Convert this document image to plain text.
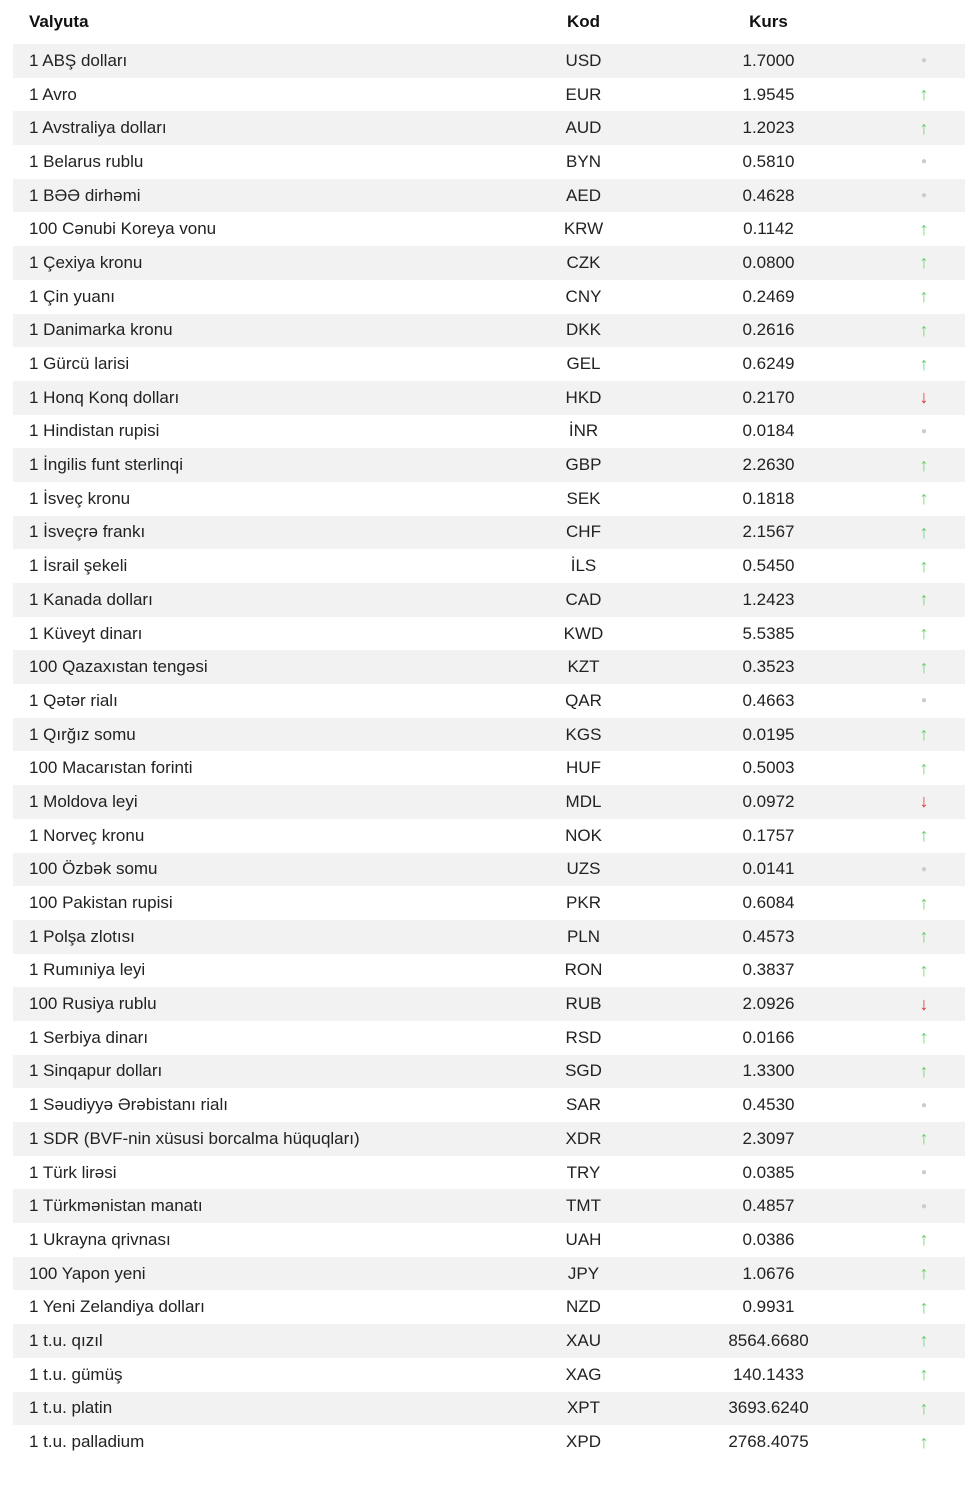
Valyuta	Kod	Kurs
1 ABŞ dolları	USD	1.7000	●
1 Avro	EUR	1.9545	↑
1 Avstraliya dolları	AUD	1.2023	↑
1 Belarus rublu	BYN	0.5810	●
1 BƏƏ dirhəmi	AED	0.4628	●
100 Cənubi Koreya vonu	KRW	0.1142	↑
1 Çexiya kronu	CZK	0.0800	↑
1 Çin yuanı	CNY	0.2469	↑
1 Danimarka kronu	DKK	0.2616	↑
1 Gürcü larisi	GEL	0.6249	↑
1 Honq Konq dolları	HKD	0.2170	↓
1 Hindistan rupisi	İNR	0.0184	●
1 İngilis funt sterlinqi	GBP	2.2630	↑
1 İsveç kronu	SEK	0.1818	↑
1 İsveçrə frankı	CHF	2.1567	↑
1 İsrail şekeli	İLS	0.5450	↑
1 Kanada dolları	CAD	1.2423	↑
1 Küveyt dinarı	KWD	5.5385	↑
100 Qazaxıstan tengəsi	KZT	0.3523	↑
1 Qətər rialı	QAR	0.4663	●
1 Qırğız somu	KGS	0.0195	↑
100 Macarıstan forinti	HUF	0.5003	↑
1 Moldova leyi	MDL	0.0972	↓
1 Norveç kronu	NOK	0.1757	↑
100 Özbək somu	UZS	0.0141	●
100 Pakistan rupisi	PKR	0.6084	↑
1 Polşa zlotısı	PLN	0.4573	↑
1 Rumıniya leyi	RON	0.3837	↑
100 Rusiya rublu	RUB	2.0926	↓
1 Serbiya dinarı	RSD	0.0166	↑
1 Sinqapur dolları	SGD	1.3300	↑
1 Səudiyyə Ərəbistanı rialı	SAR	0.4530	●
1 SDR (BVF-nin xüsusi borcalma hüquqları)	XDR	2.3097	↑
1 Türk lirəsi	TRY	0.0385	●
1 Türkmənistan manatı	TMT	0.4857	●
1 Ukrayna qrivnası	UAH	0.0386	↑
100 Yapon yeni	JPY	1.0676	↑
1 Yeni Zelandiya dolları	NZD	0.9931	↑
1 t.u. qızıl	XAU	8564.6680	↑
1 t.u. gümüş	XAG	140.1433	↑
1 t.u. platin	XPT	3693.6240	↑
1 t.u. palladium	XPD	2768.4075	↑
